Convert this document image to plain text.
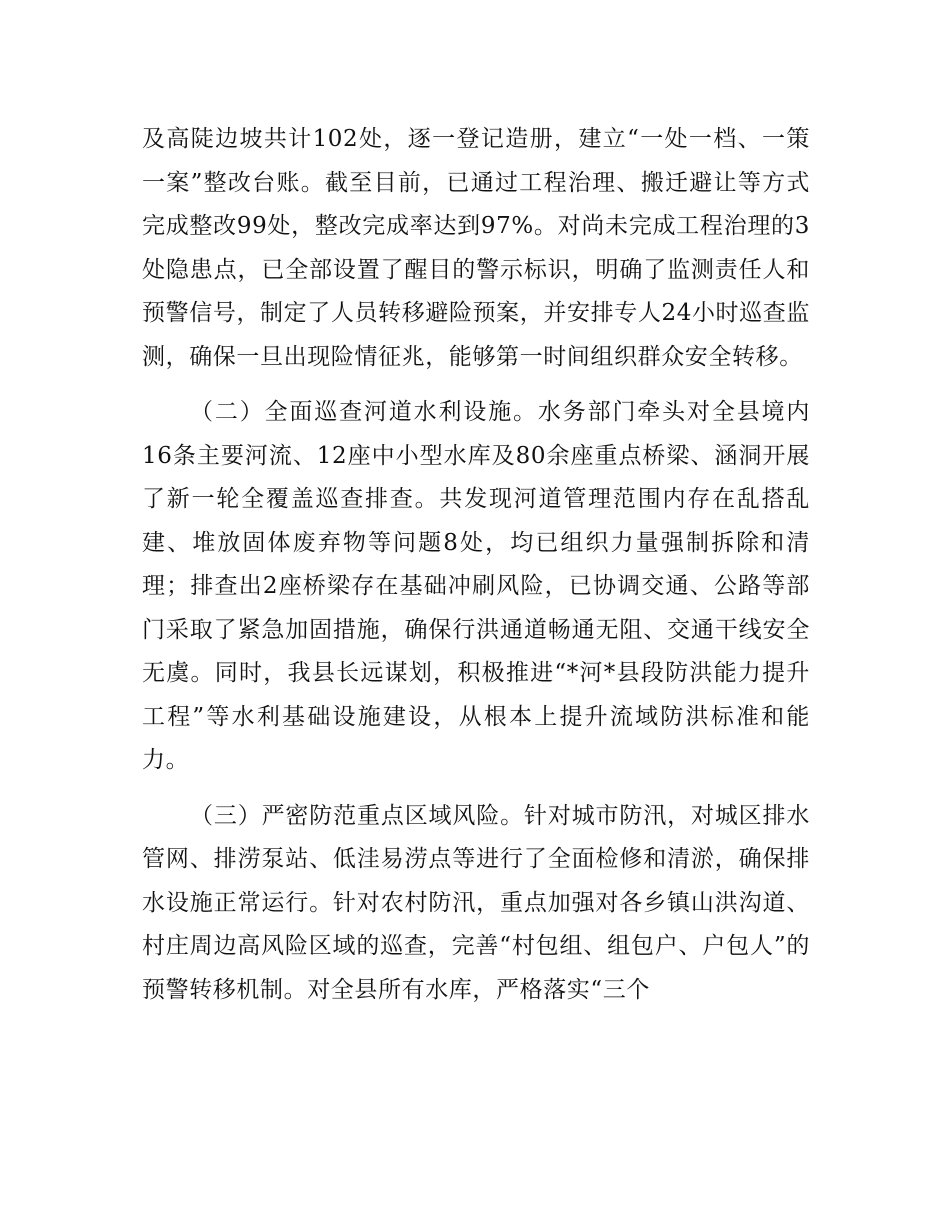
及高陡边坡共计102处，逐一登记造册，建立“一处一档、一策一案”整改台账。截至目前，已通过工程治理、搬迁避让等方式完成整改99处，整改完成率达到97%。对尚未完成工程治理的3处隐患点，已全部设置了醒目的警示标识，明确了监测责任人和预警信号，制定了人员转移避险预案，并安排专人24小时巡查监测，确保一旦出现险情征兆，能够第一时间组织群众安全转移。

（二）全面巡查河道水利设施。水务部门牵头对全县境内16条主要河流、12座中小型水库及80余座重点桥梁、涵洞开展了新一轮全覆盖巡查排查。共发现河道管理范围内存在乱搭乱建、堆放固体废弃物等问题8处，均已组织力量强制拆除和清理；排查出2座桥梁存在基础冲刷风险，已协调交通、公路等部门采取了紧急加固措施，确保行洪通道畅通无阻、交通干线安全无虞。同时，我县长远谋划，积极推进“*河*县段防洪能力提升工程”等水利基础设施建设，从根本上提升流域防洪标准和能力。

（三）严密防范重点区域风险。针对城市防汛，对城区排水管网、排涝泵站、低洼易涝点等进行了全面检修和清淤，确保排水设施正常运行。针对农村防汛，重点加强对各乡镇山洪沟道、村庄周边高风险区域的巡查，完善“村包组、组包户、户包人”的预警转移机制。对全县所有水库，严格落实“三个
